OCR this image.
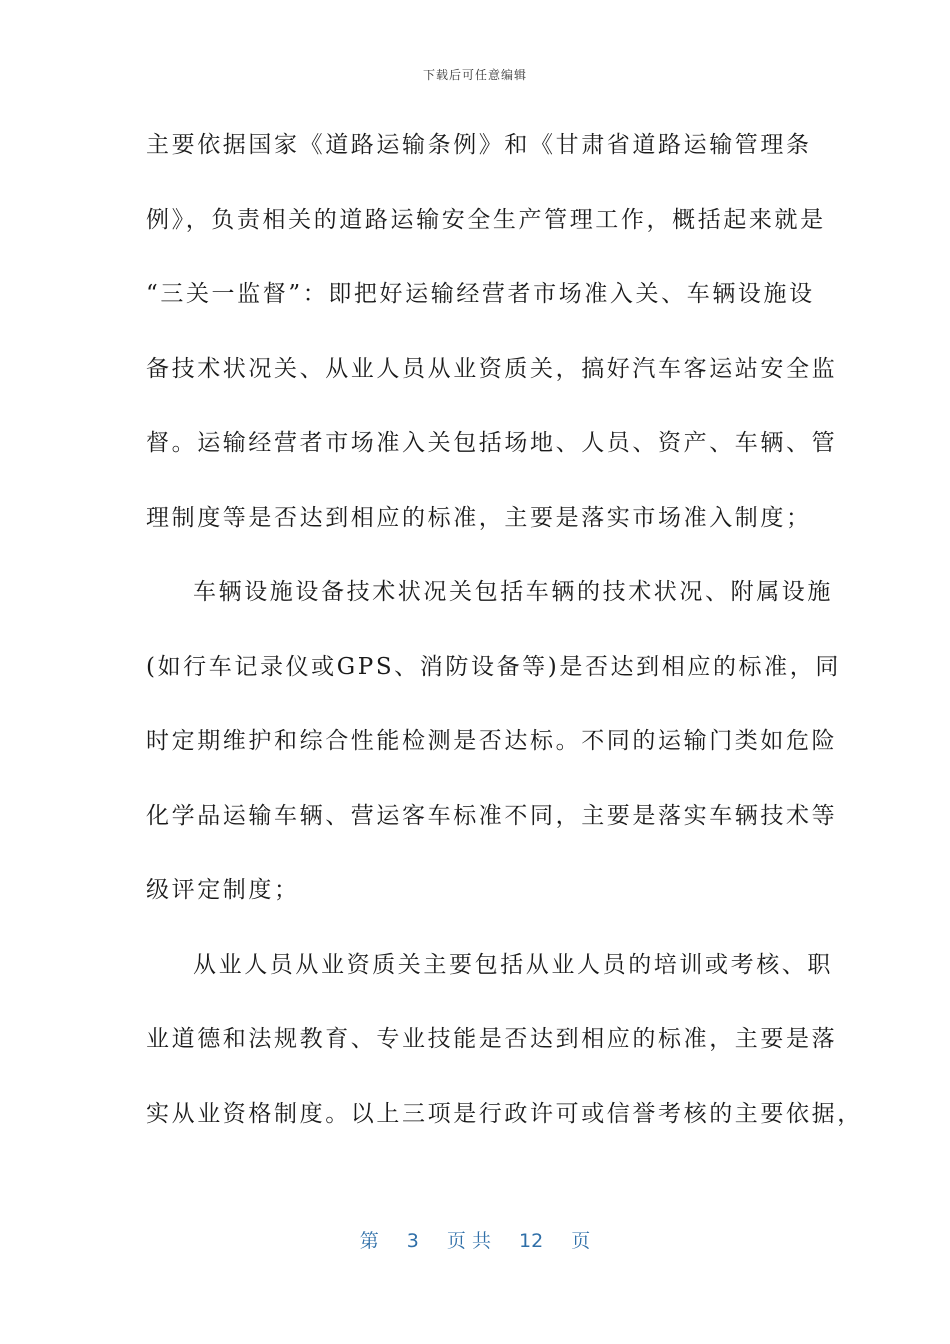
下载后可任意编辑
主要依据国家《道路运输条例》和《甘肃省道路运输管理条
例》，负责相关的道路运输安全生产管理工作，概括起来就是
“三关一监督”：即把好运输经营者市场准入关、车辆设施设
备技术状况关、从业人员从业资质关，搞好汽车客运站安全监
督。运输经营者市场准入关包括场地、人员、资产、车辆、管
理制度等是否达到相应的标准，主要是落实市场准入制度；
车辆设施设备技术状况关包括车辆的技术状况、附属设施
(如行车记录仪或GPS、消防设备等)是否达到相应的标准，同
时定期维护和综合性能检测是否达标。不同的运输门类如危险
化学品运输车辆、营运客车标准不同，主要是落实车辆技术等
级评定制度；
从业人员从业资质关主要包括从业人员的培训或考核、职
业道德和法规教育、专业技能是否达到相应的标准，主要是落
实从业资格制度。以上三项是行政许可或信誉考核的主要依据，
第 3 页 共 12 页
